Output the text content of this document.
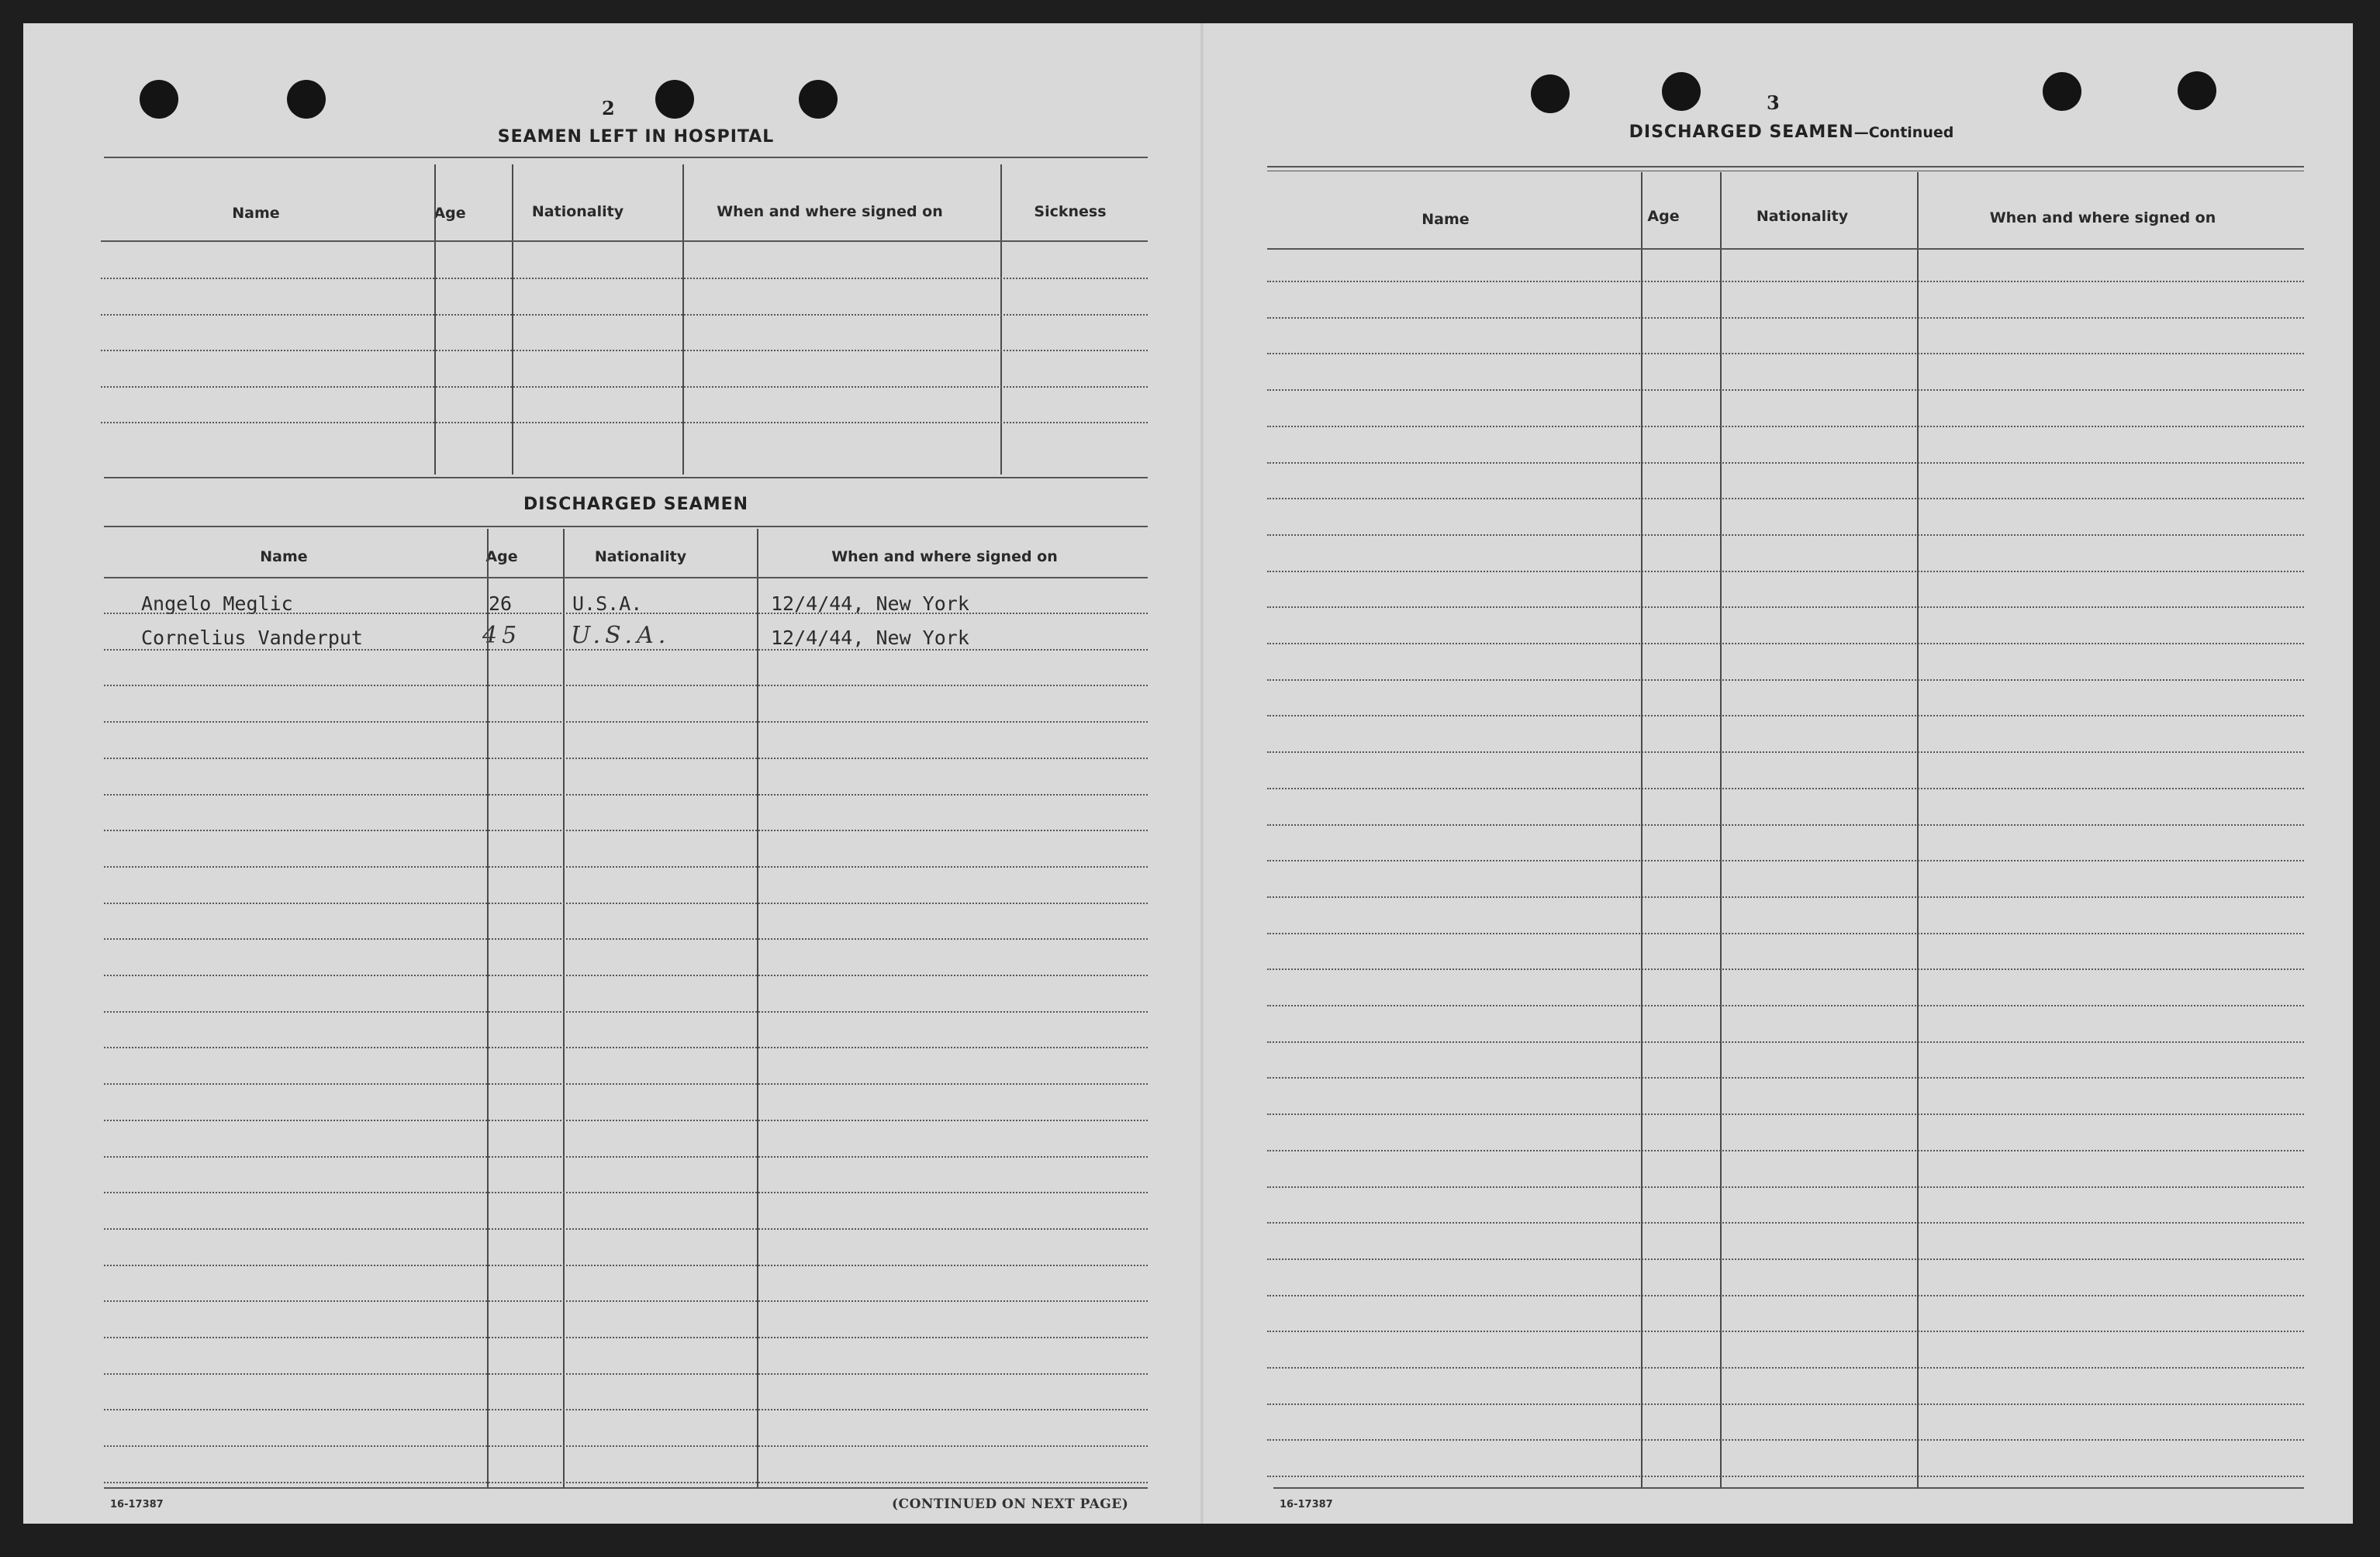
2
SEAMEN LEFT IN HOSPITAL
Name	Age	Nationality	When and where signed on	Sickness
DISCHARGED SEAMEN
Name	Age	Nationality	When and where signed on
Angelo Meglic	26	U.S.A.	12/4/44, New York
Cornelius Vanderput	45 U.S.A.	12/4/44, New York
16-17387	(CONTINUED ON NEXT PAGE)
3
DISCHARGED SEAMEN—Continued
Name	Age	Nationality	When and where signed on
16-17387
